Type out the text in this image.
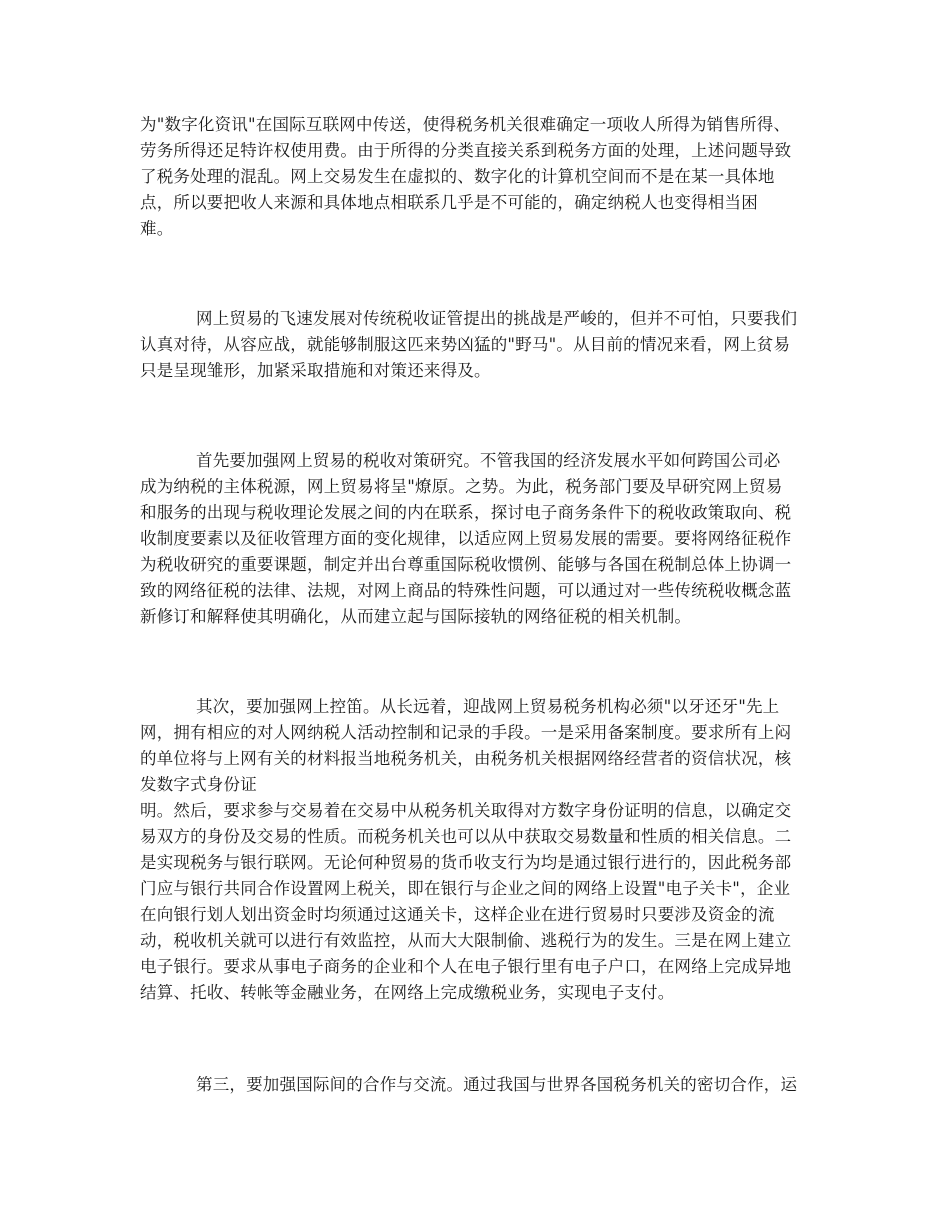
为"数字化资讯"在国际互联网中传送，使得税务机关很难确定一项收人所得为销售所得、
劳务所得还足特许权使用费。由于所得的分类直接关系到税务方面的处理，上述问题导致
了税务处理的混乱。网上交易发生在虚拟的、数字化的计算机空间而不是在某一具体地
点，所以要把收人来源和具体地点相联系几乎是不可能的，确定纳税人也变得相当困
难。
网上贸易的飞速发展对传统税收证管提出的挑战是严峻的，但并不可怕，只要我们
认真对待，从容应战，就能够制服这匹来势凶猛的"野马"。从目前的情况来看，网上贫易
只是呈现雏形，加紧采取措施和对策还来得及。
首先要加强网上贸易的税收对策研究。不管我国的经济发展水平如何跨国公司必
成为纳税的主体税源，网上贸易将呈"燎原。之势。为此，税务部门要及早研究网上贸易
和服务的出现与税收理论发展之间的内在联系，探讨电子商务条件下的税收政策取向、税
收制度要素以及征收管理方面的变化规律，以适应网上贸易发展的需要。要将网络征税作
为税收研究的重要课题，制定并出台尊重国际税收惯例、能够与各国在税制总体上协调一
致的网络征税的法律、法规，对网上商品的特殊性问题，可以通过对一些传统税收概念蓝
新修订和解释使其明确化，从而建立起与国际接轨的网络征税的相关机制。
其次，要加强网上控笛。从长远着，迎战网上贸易税务机构必须"以牙还牙"先上
网，拥有相应的对人网纳税人活动控制和记录的手段。一是采用备案制度。要求所有上闷
的单位将与上网有关的材料报当地税务机关，由税务机关根据网络经营者的资信状况，核
发数字式身份证
明。然后，要求参与交易着在交易中从税务机关取得对方数字身份证明的信息，以确定交
易双方的身份及交易的性质。而税务机关也可以从中获取交易数量和性质的相关信息。二
是实现税务与银行联网。无论何种贸易的货币收支行为均是通过银行进行的，因此税务部
门应与银行共同合作设置网上税关，即在银行与企业之间的网络上设置"电子关卡"，企业
在向银行划人划出资金时均须通过这通关卡，这样企业在进行贸易时只要涉及资金的流
动，税收机关就可以进行有效监控，从而大大限制偷、逃税行为的发生。三是在网上建立
电子银行。要求从事电子商务的企业和个人在电子银行里有电子户口，在网络上完成异地
结算、托收、转帐等金融业务，在网络上完成缴税业务，实现电子支付。
第三，要加强国际间的合作与交流。通过我国与世界各国税务机关的密切合作，运
